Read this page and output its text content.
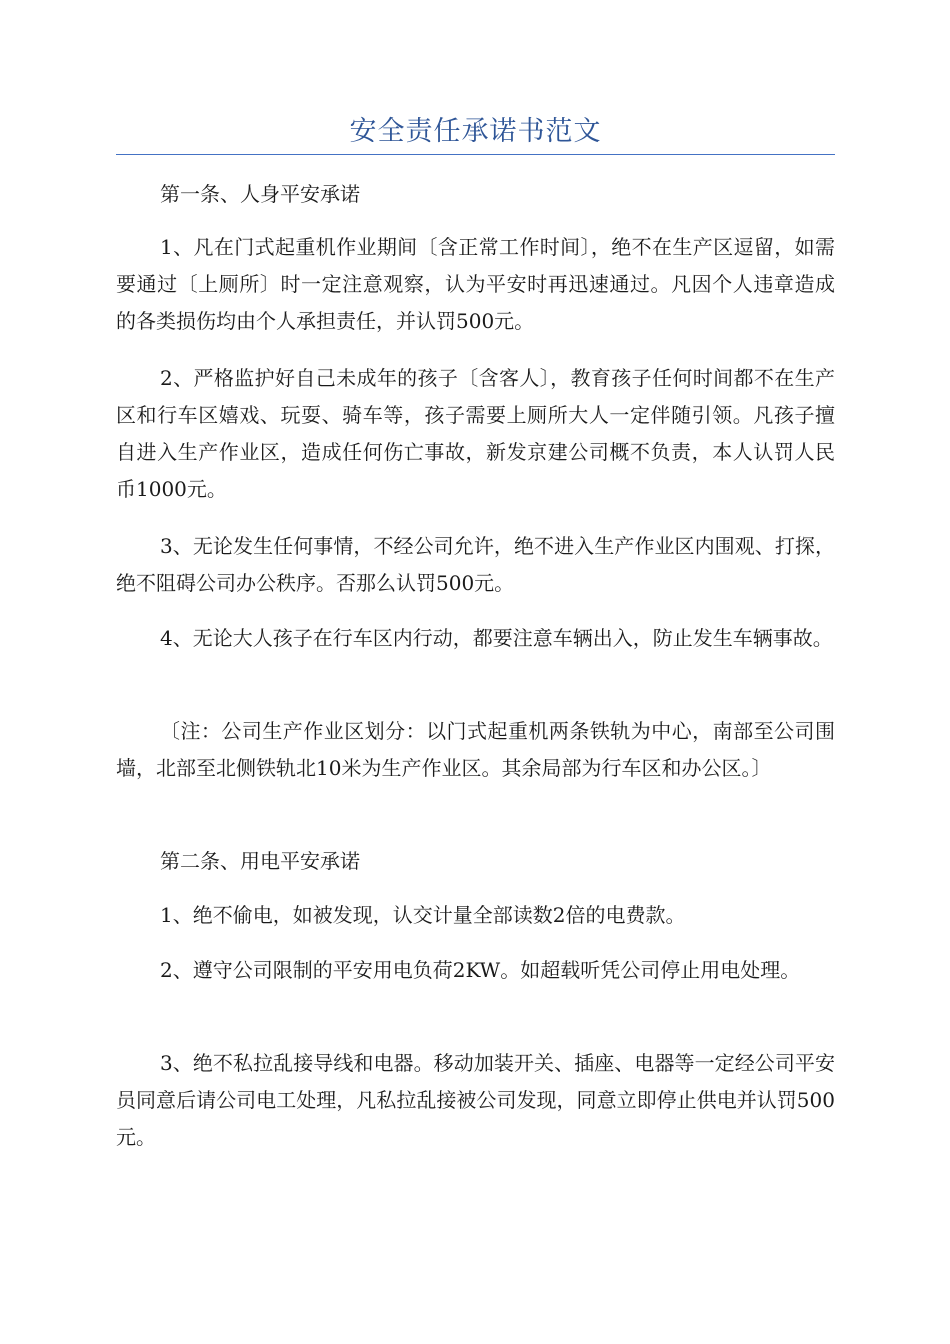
安全责任承诺书范文

第一条、人身平安承诺

1、凡在门式起重机作业期间〔含正常工作时间〕，绝不在生产区逗留，如需要通过〔上厕所〕时一定注意观察，认为平安时再迅速通过。凡因个人违章造成的各类损伤均由个人承担责任，并认罚500元。

2、严格监护好自己未成年的孩子〔含客人〕，教育孩子任何时间都不在生产区和行车区嬉戏、玩耍、骑车等，孩子需要上厕所大人一定伴随引领。凡孩子擅自进入生产作业区，造成任何伤亡事故，新发京建公司概不负责，本人认罚人民币1000元。

3、无论发生任何事情，不经公司允许，绝不进入生产作业区内围观、打探，绝不阻碍公司办公秩序。否那么认罚500元。

4、无论大人孩子在行车区内行动，都要注意车辆出入，防止发生车辆事故。

〔注：公司生产作业区划分：以门式起重机两条铁轨为中心，南部至公司围墙，北部至北侧铁轨北10米为生产作业区。其余局部为行车区和办公区。〕

第二条、用电平安承诺

1、绝不偷电，如被发现，认交计量全部读数2倍的电费款。

2、遵守公司限制的平安用电负荷2KW。如超载听凭公司停止用电处理。

3、绝不私拉乱接导线和电器。移动加装开关、插座、电器等一定经公司平安员同意后请公司电工处理，凡私拉乱接被公司发现，同意立即停止供电并认罚500元。
